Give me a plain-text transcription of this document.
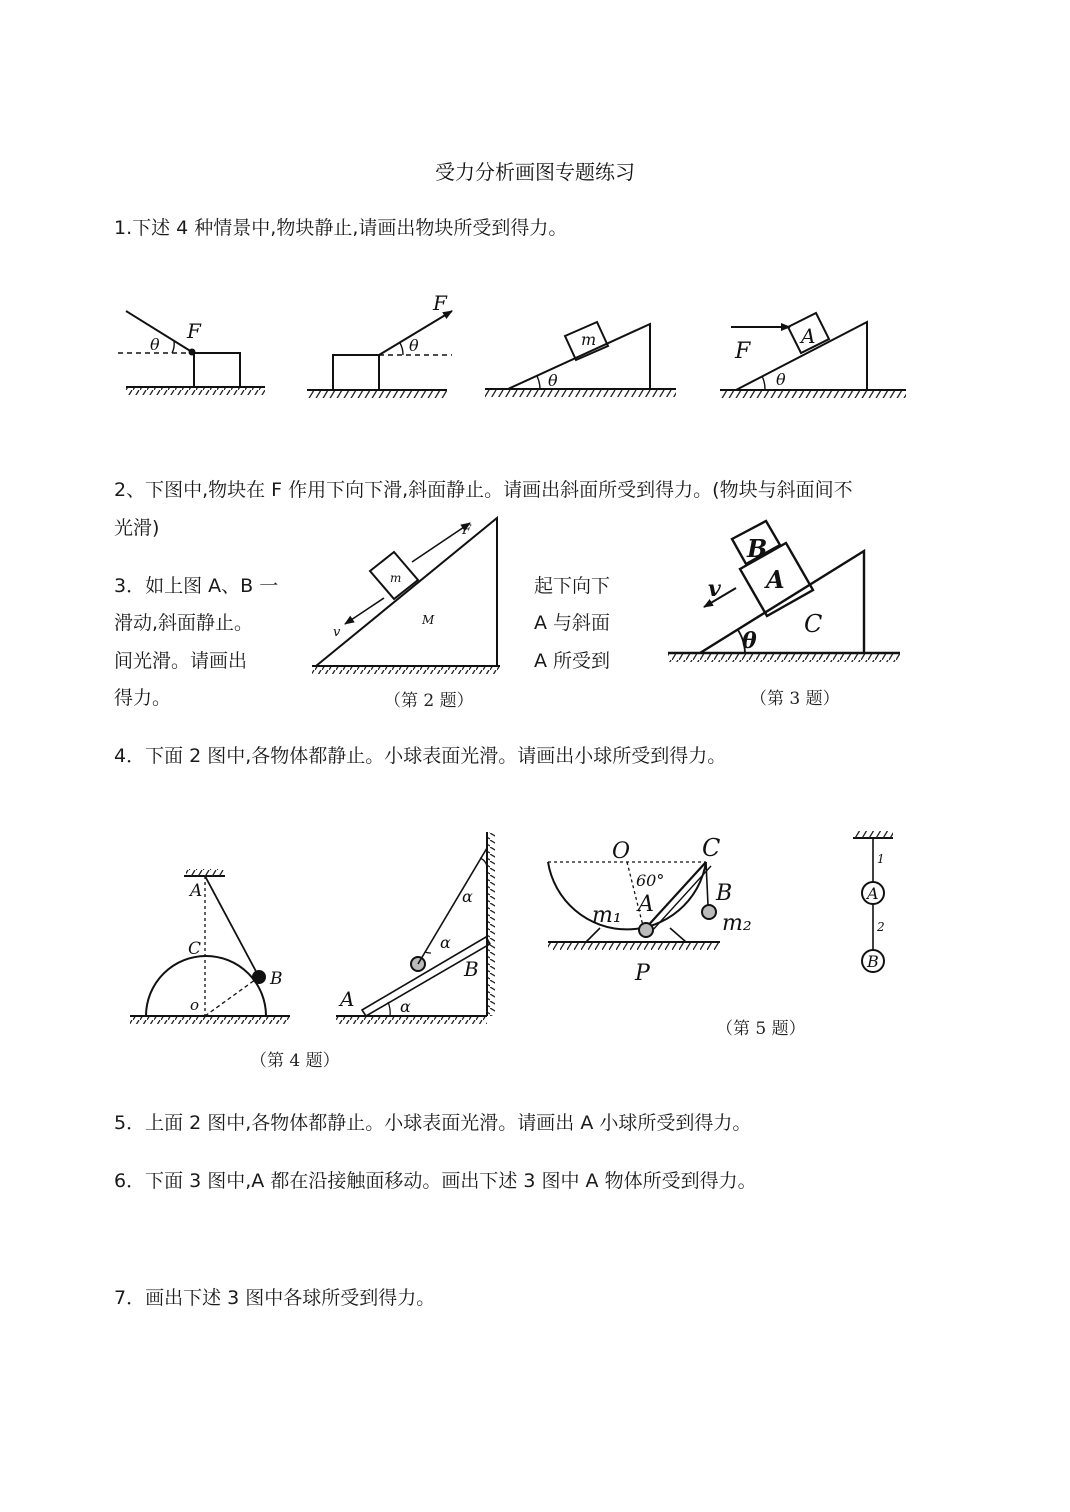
受力分析画图专题练习
1.下述 4 种情景中,物块静止,请画出物块所受到得力。
2、下图中,物块在 F 作用下向下滑,斜面静止。请画出斜面所受到得力。(物块与斜面间不
光滑)
3．如上图 A、B 一
滑动,斜面静止。
间光滑。请画出
得力。
起下向下
A 与斜面
A 所受到
4．下面 2 图中,各物体都静止。小球表面光滑。请画出小球所受到得力。
5．上面 2 图中,各物体都静止。小球表面光滑。请画出 A 小球所受到得力。
6．下面 3 图中,A 都在沿接触面移动。画出下述 3 图中 A 物体所受到得力。
7．画出下述 3 图中各球所受到得力。
（第 2 题）	（第 3 题）
（第 4 题）
（第 5 题）
θ
F
θ
F
m
θ
A
F
θ
m
M
F
v
B
A
C
v
θ
A
C
o
B
A
B
α
α
α
O	C
60°
A	B
m₁	m₂
P
1
A
2
B
